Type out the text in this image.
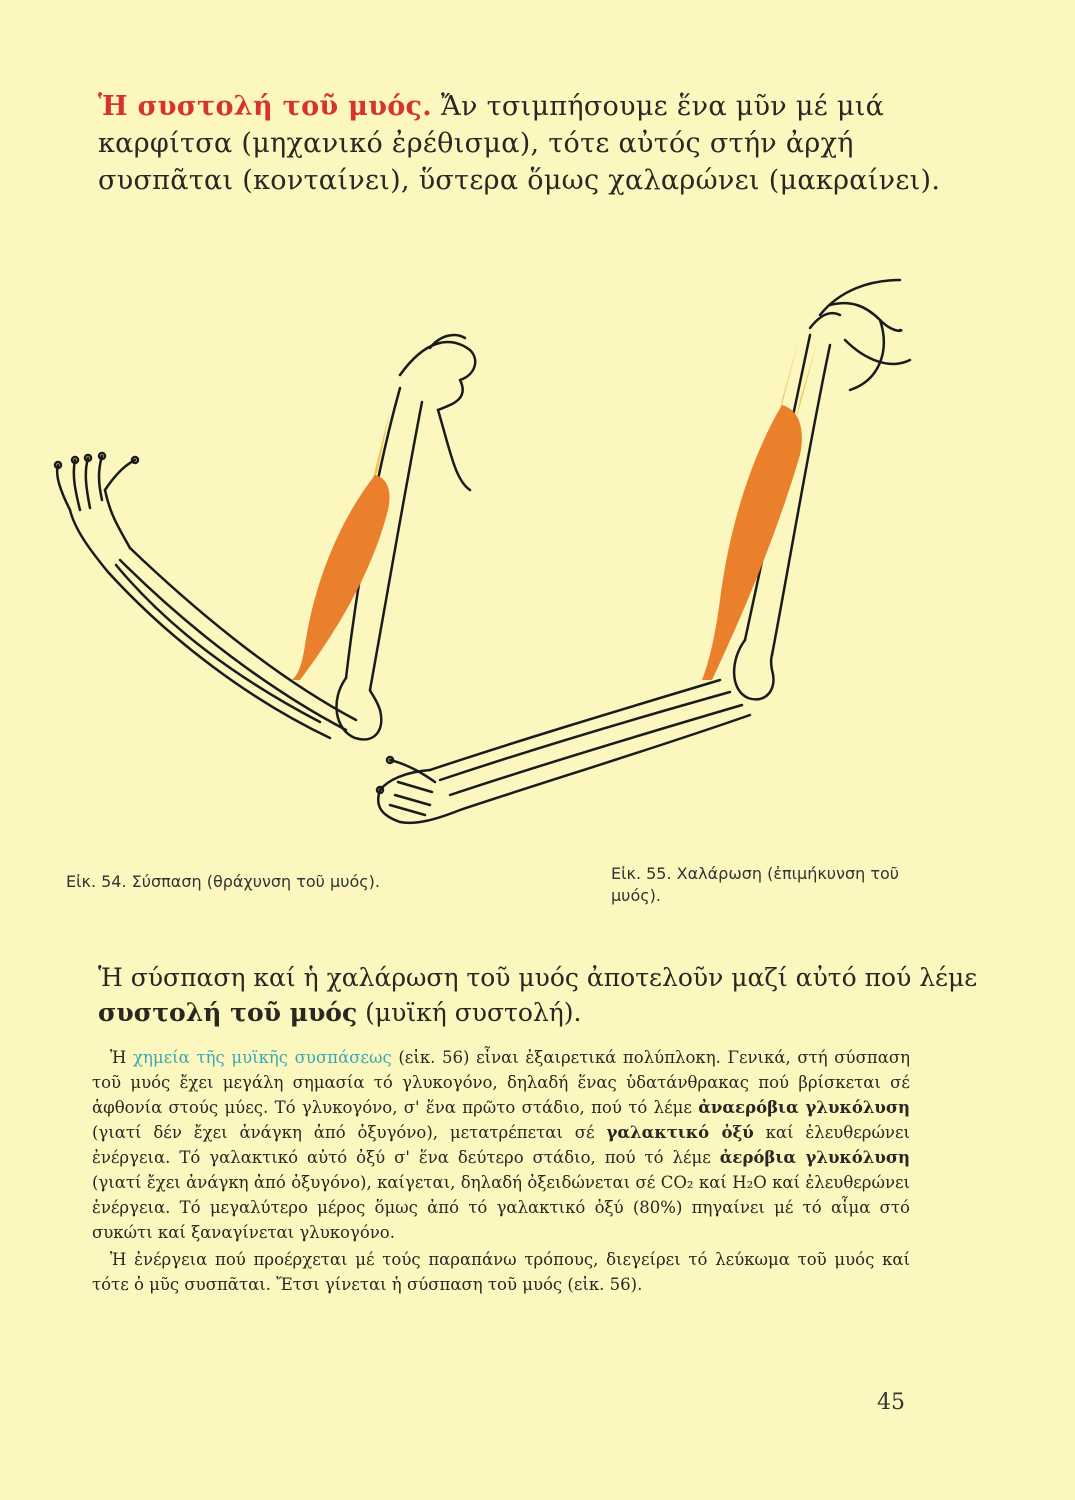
Ἡ συστολή τοῦ μυός. Ἄν τσιμπήσουμε ἕνα μῦν μέ μιά καρφίτσα (μηχανικό ἐρέθισμα), τότε αὐτός στήν ἀρχή συσπᾶται (κονταίνει), ὕστερα ὅμως χαλαρώνει (μακραίνει).
Εἰκ. 54. Σύσπαση (θράχυνση τοῦ μυός).	Εἰκ. 55. Χαλάρωση (ἐπιμήκυνση τοῦ μυός).
Ἡ σύσπαση καί ἡ χαλάρωση τοῦ μυός ἀποτελοῦν μαζί αὐτό πού λέμε συστολή τοῦ μυός (μυϊκή συστολή).

Ἡ χημεία τῆς μυϊκῆς συσπάσεως (εἰκ. 56) εἶναι ἐξαιρετικά πολύπλοκη. Γενικά, στή σύσπαση τοῦ μυός ἔχει μεγάλη σημασία τό γλυκογόνο, δηλαδή ἕνας ὑδατάνθρακας πού βρίσκεται σέ ἀφθονία στούς μύες. Τό γλυκογόνο, σ' ἕνα πρῶτο στάδιο, πού τό λέμε ἀναερόβια γλυκόλυση (γιατί δέν ἔχει ἀνάγκη ἀπό ὀξυγόνο), μετατρέπεται σέ γαλακτικό ὀξύ καί ἐλευθερώνει ἐνέργεια. Τό γαλακτικό αὐτό ὀξύ σ' ἕνα δεύτερο στάδιο, πού τό λέμε ἀερόβια γλυκόλυση (γιατί ἔχει ἀνάγκη ἀπό ὀξυγόνο), καίγεται, δηλαδή ὀξειδώνεται σέ CO₂ καί H₂O καί ἐλευθερώνει ἐνέργεια. Τό μεγαλύτερο μέρος ὅμως ἀπό τό γαλακτικό ὀξύ (80%) πηγαίνει μέ τό αἷμα στό συκώτι καί ξαναγίνεται γλυκογόνο.

Ἡ ἐνέργεια πού προέρχεται μέ τούς παραπάνω τρόπους, διεγείρει τό λεύκωμα τοῦ μυός καί τότε ὁ μῦς συσπᾶται. Ἔτσι γίνεται ἡ σύσπαση τοῦ μυός (εἰκ. 56).

45
